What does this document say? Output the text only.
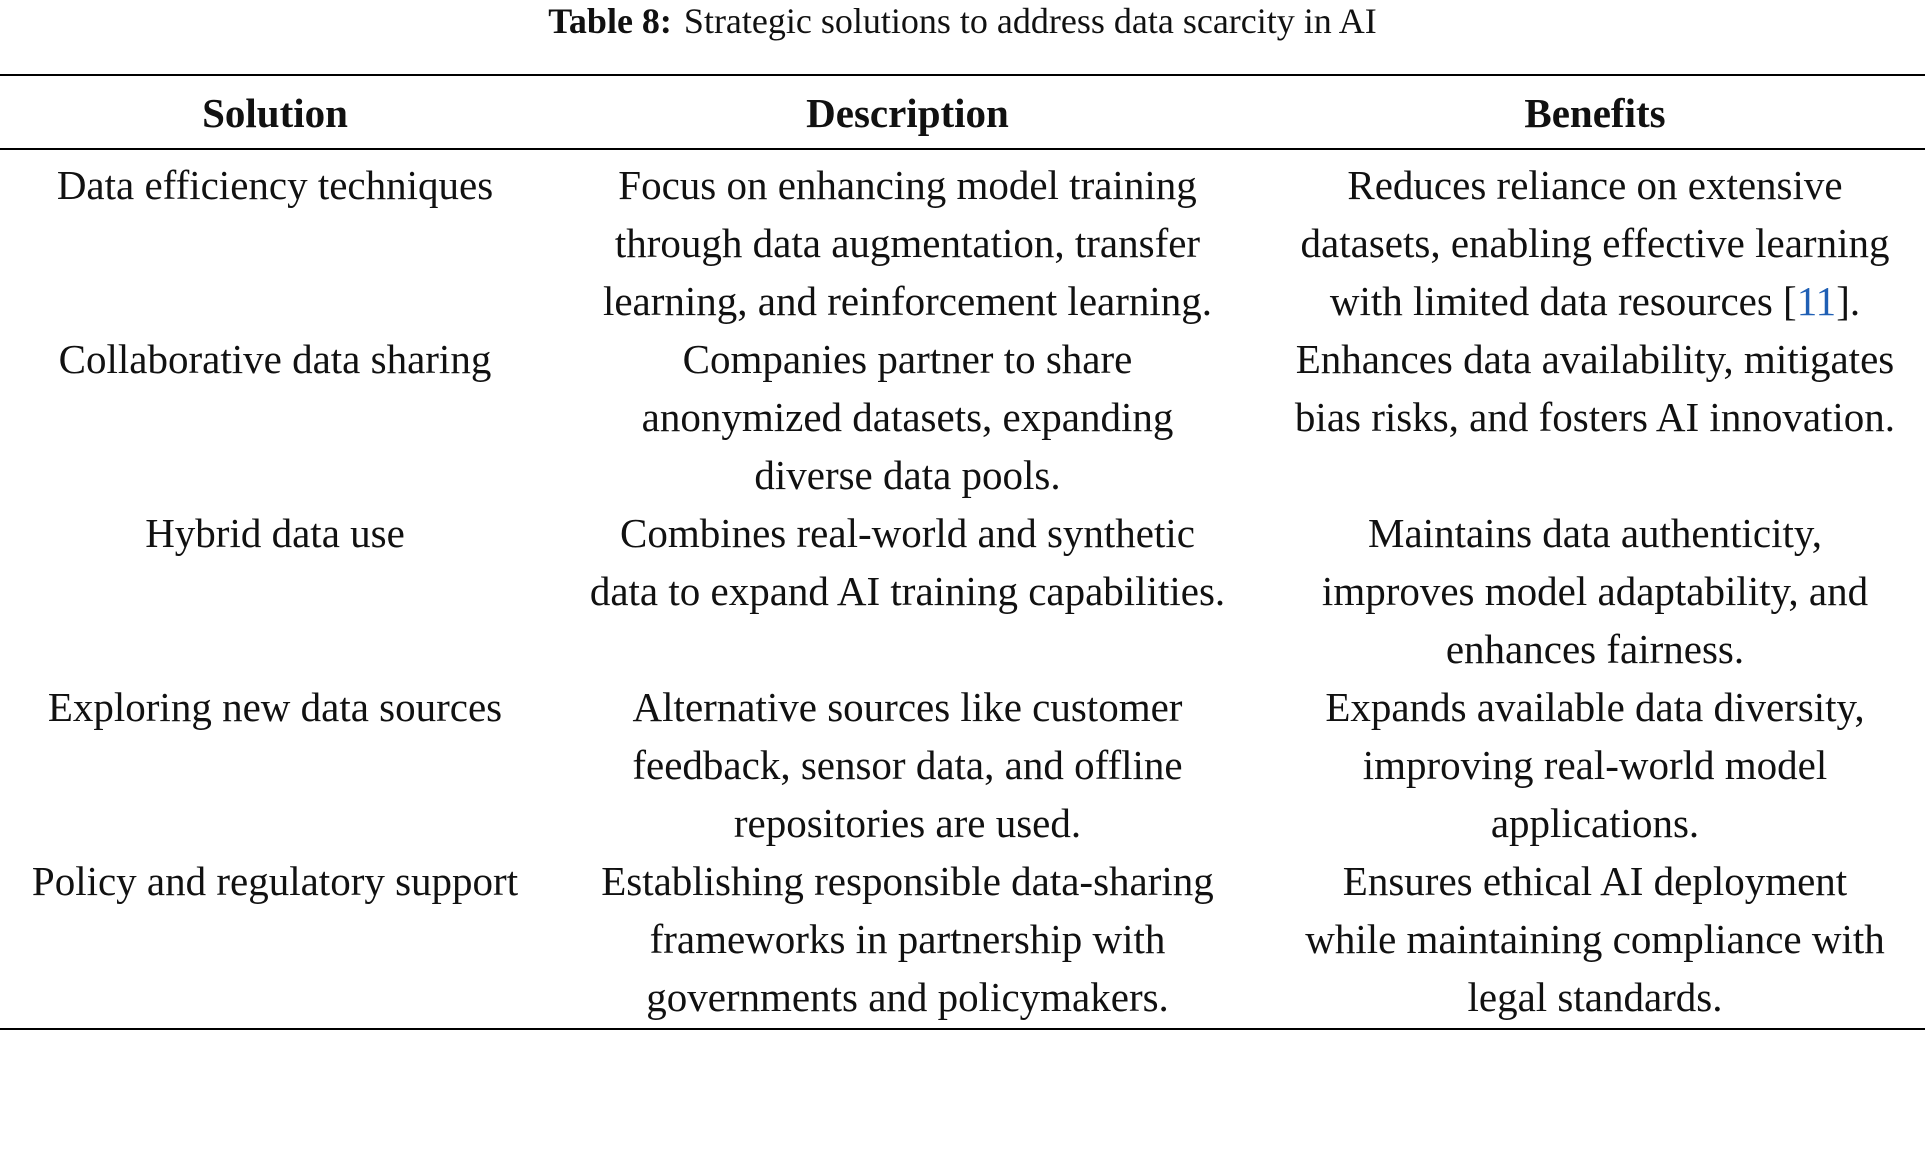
Table 8: Strategic solutions to address data scarcity in AI
Solution	Description	Benefits
Data efficiency techniques	Focus on enhancing model training through data augmentation, transfer learning, and reinforcement learning.	Reduces reliance on extensive datasets, enabling effective learning with limited data resources [11].
Collaborative data sharing	Companies partner to share anonymized datasets, expanding diverse data pools.	Enhances data availability, mitigates bias risks, and fosters AI innovation.
Hybrid data use	Combines real-world and synthetic data to expand AI training capabilities.	Maintains data authenticity, improves model adaptability, and enhances fairness.
Exploring new data sources	Alternative sources like customer feedback, sensor data, and offline repositories are used.	Expands available data diversity, improving real-world model applications.
Policy and regulatory support	Establishing responsible data-sharing frameworks in partnership with governments and policymakers.	Ensures ethical AI deployment while maintaining compliance with legal standards.
